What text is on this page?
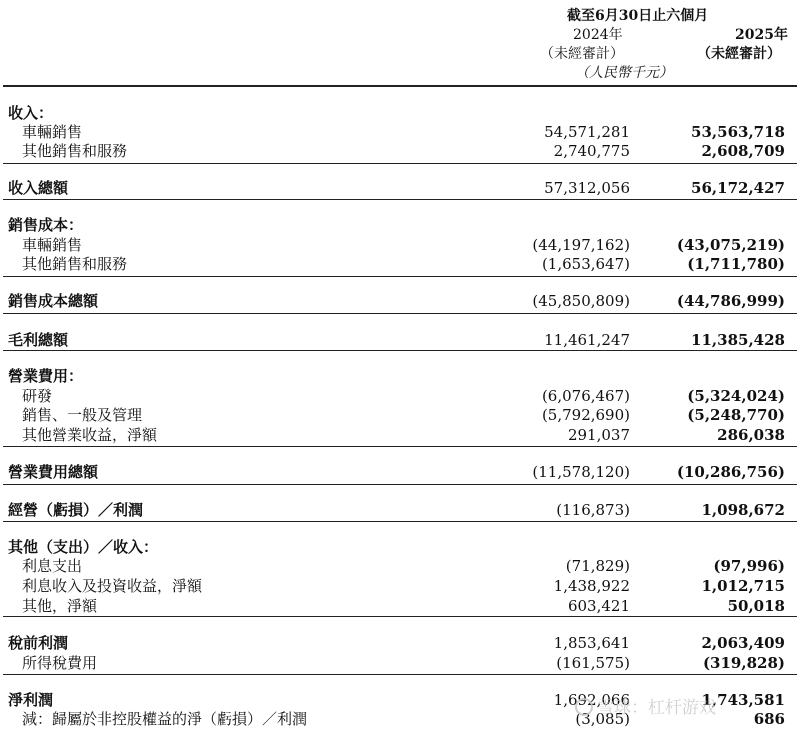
截至6月30日止六個月
2024年	2025年
（未經審計）	（未經審計）
（人民幣千元）
收入：
車輛銷售	54,571,281	53,563,718
其他銷售和服務	2,740,775	2,608,709
收入總額	57,312,056	56,172,427
銷售成本：
車輛銷售	(44,197,162)	(43,075,219)
其他銷售和服務	(1,653,647)	(1,711,780)
銷售成本總額	(45,850,809)	(44,786,999)
毛利總額	11,461,247	11,385,428
營業費用：
研發	(6,076,467)	(5,324,024)
銷售、一般及管理	(5,792,690)	(5,248,770)
其他營業收益，淨額	291,037	286,038
營業費用總額	(11,578,120)	(10,286,756)
經營（虧損）／利潤	(116,873)	1,098,672
其他（支出）／收入：
利息支出	(71,829)	(97,996)
利息收入及投資收益，淨額	1,438,922	1,012,715
其他，淨額	603,421	50,018
稅前利潤	1,853,641	2,063,409
所得稅費用	(161,575)	(319,828)
淨利潤	1,692,066	1,743,581
減：歸屬於非控股權益的淨（虧損）／利潤	(3,085)	686
雪球：杠杆游戏
